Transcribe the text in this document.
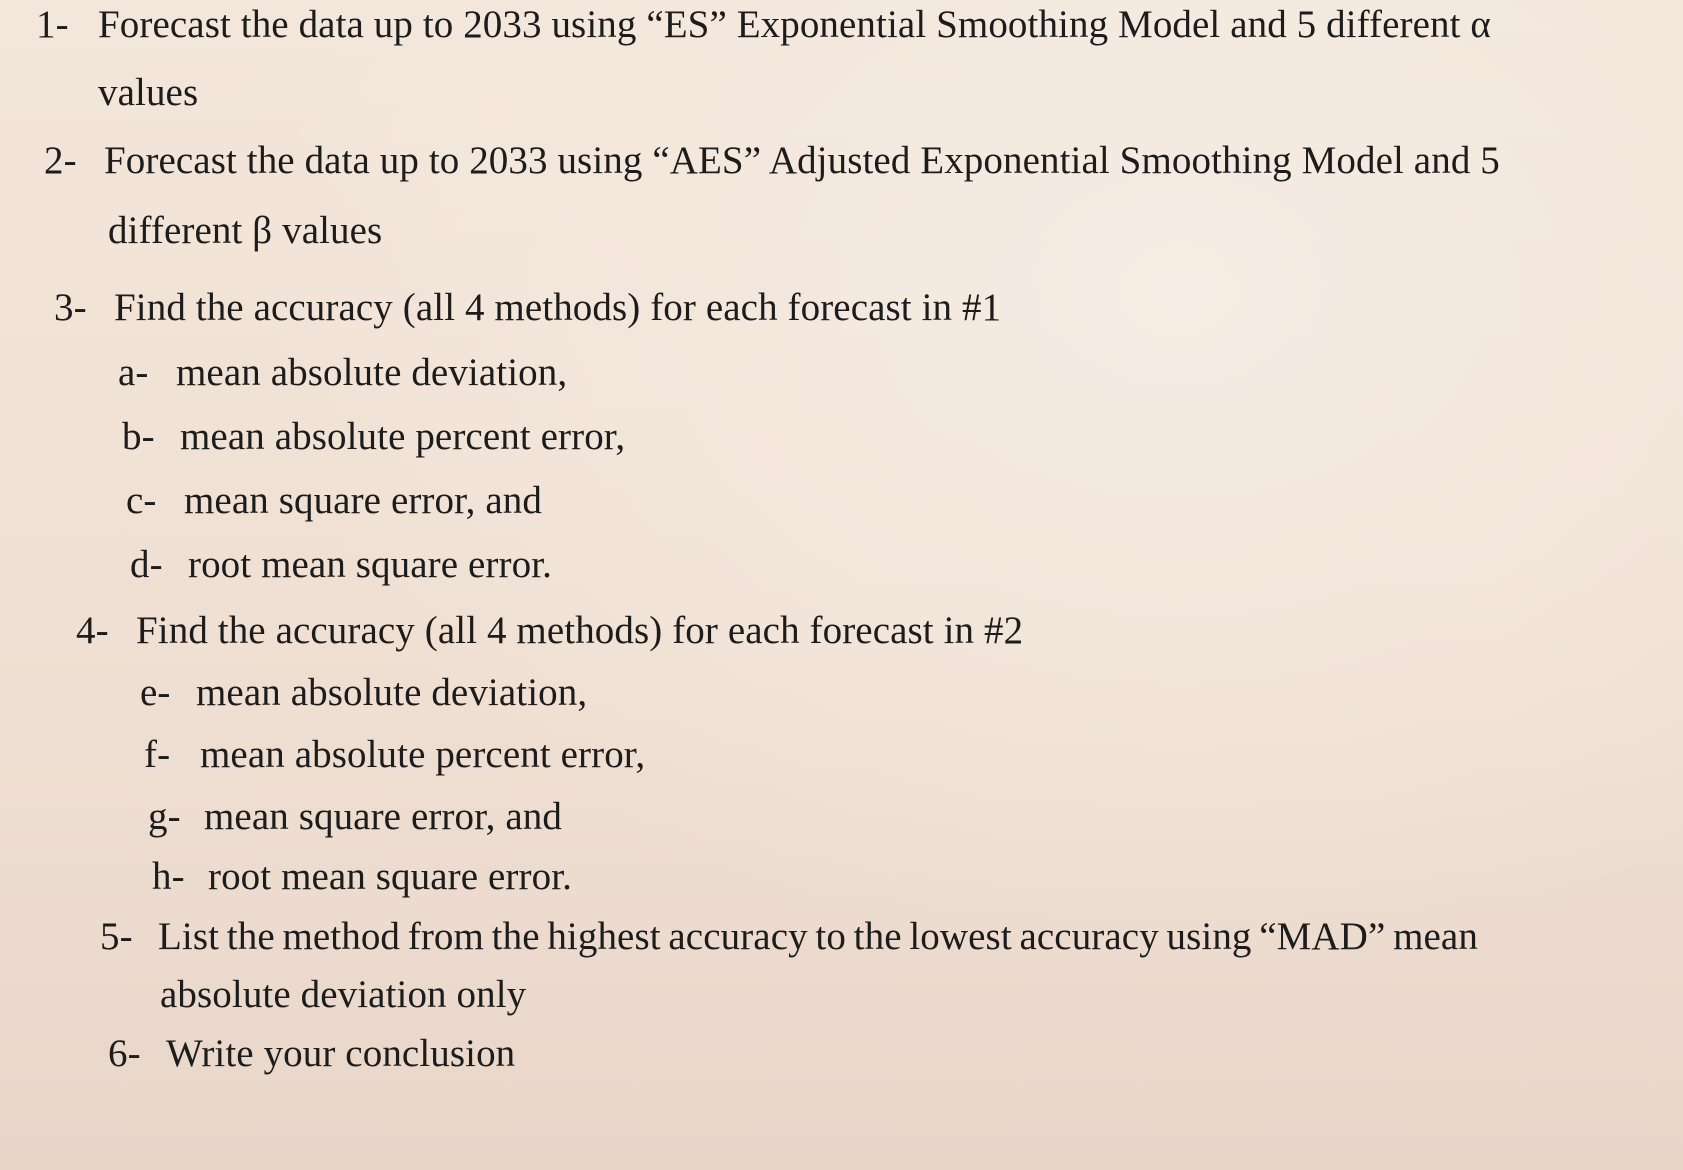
1- Forecast the data up to 2033 using “ES” Exponential Smoothing Model and 5 different α
values
2- Forecast the data up to 2033 using “AES” Adjusted Exponential Smoothing Model and 5
different β values
3- Find the accuracy (all 4 methods) for each forecast in #1
a- mean absolute deviation,
b- mean absolute percent error,
c- mean square error, and
d- root mean square error.
4- Find the accuracy (all 4 methods) for each forecast in #2
e- mean absolute deviation,
f- mean absolute percent error,
g- mean square error, and
h- root mean square error.
5- List the method from the highest accuracy to the lowest accuracy using “MAD” mean
absolute deviation only
6- Write your conclusion
